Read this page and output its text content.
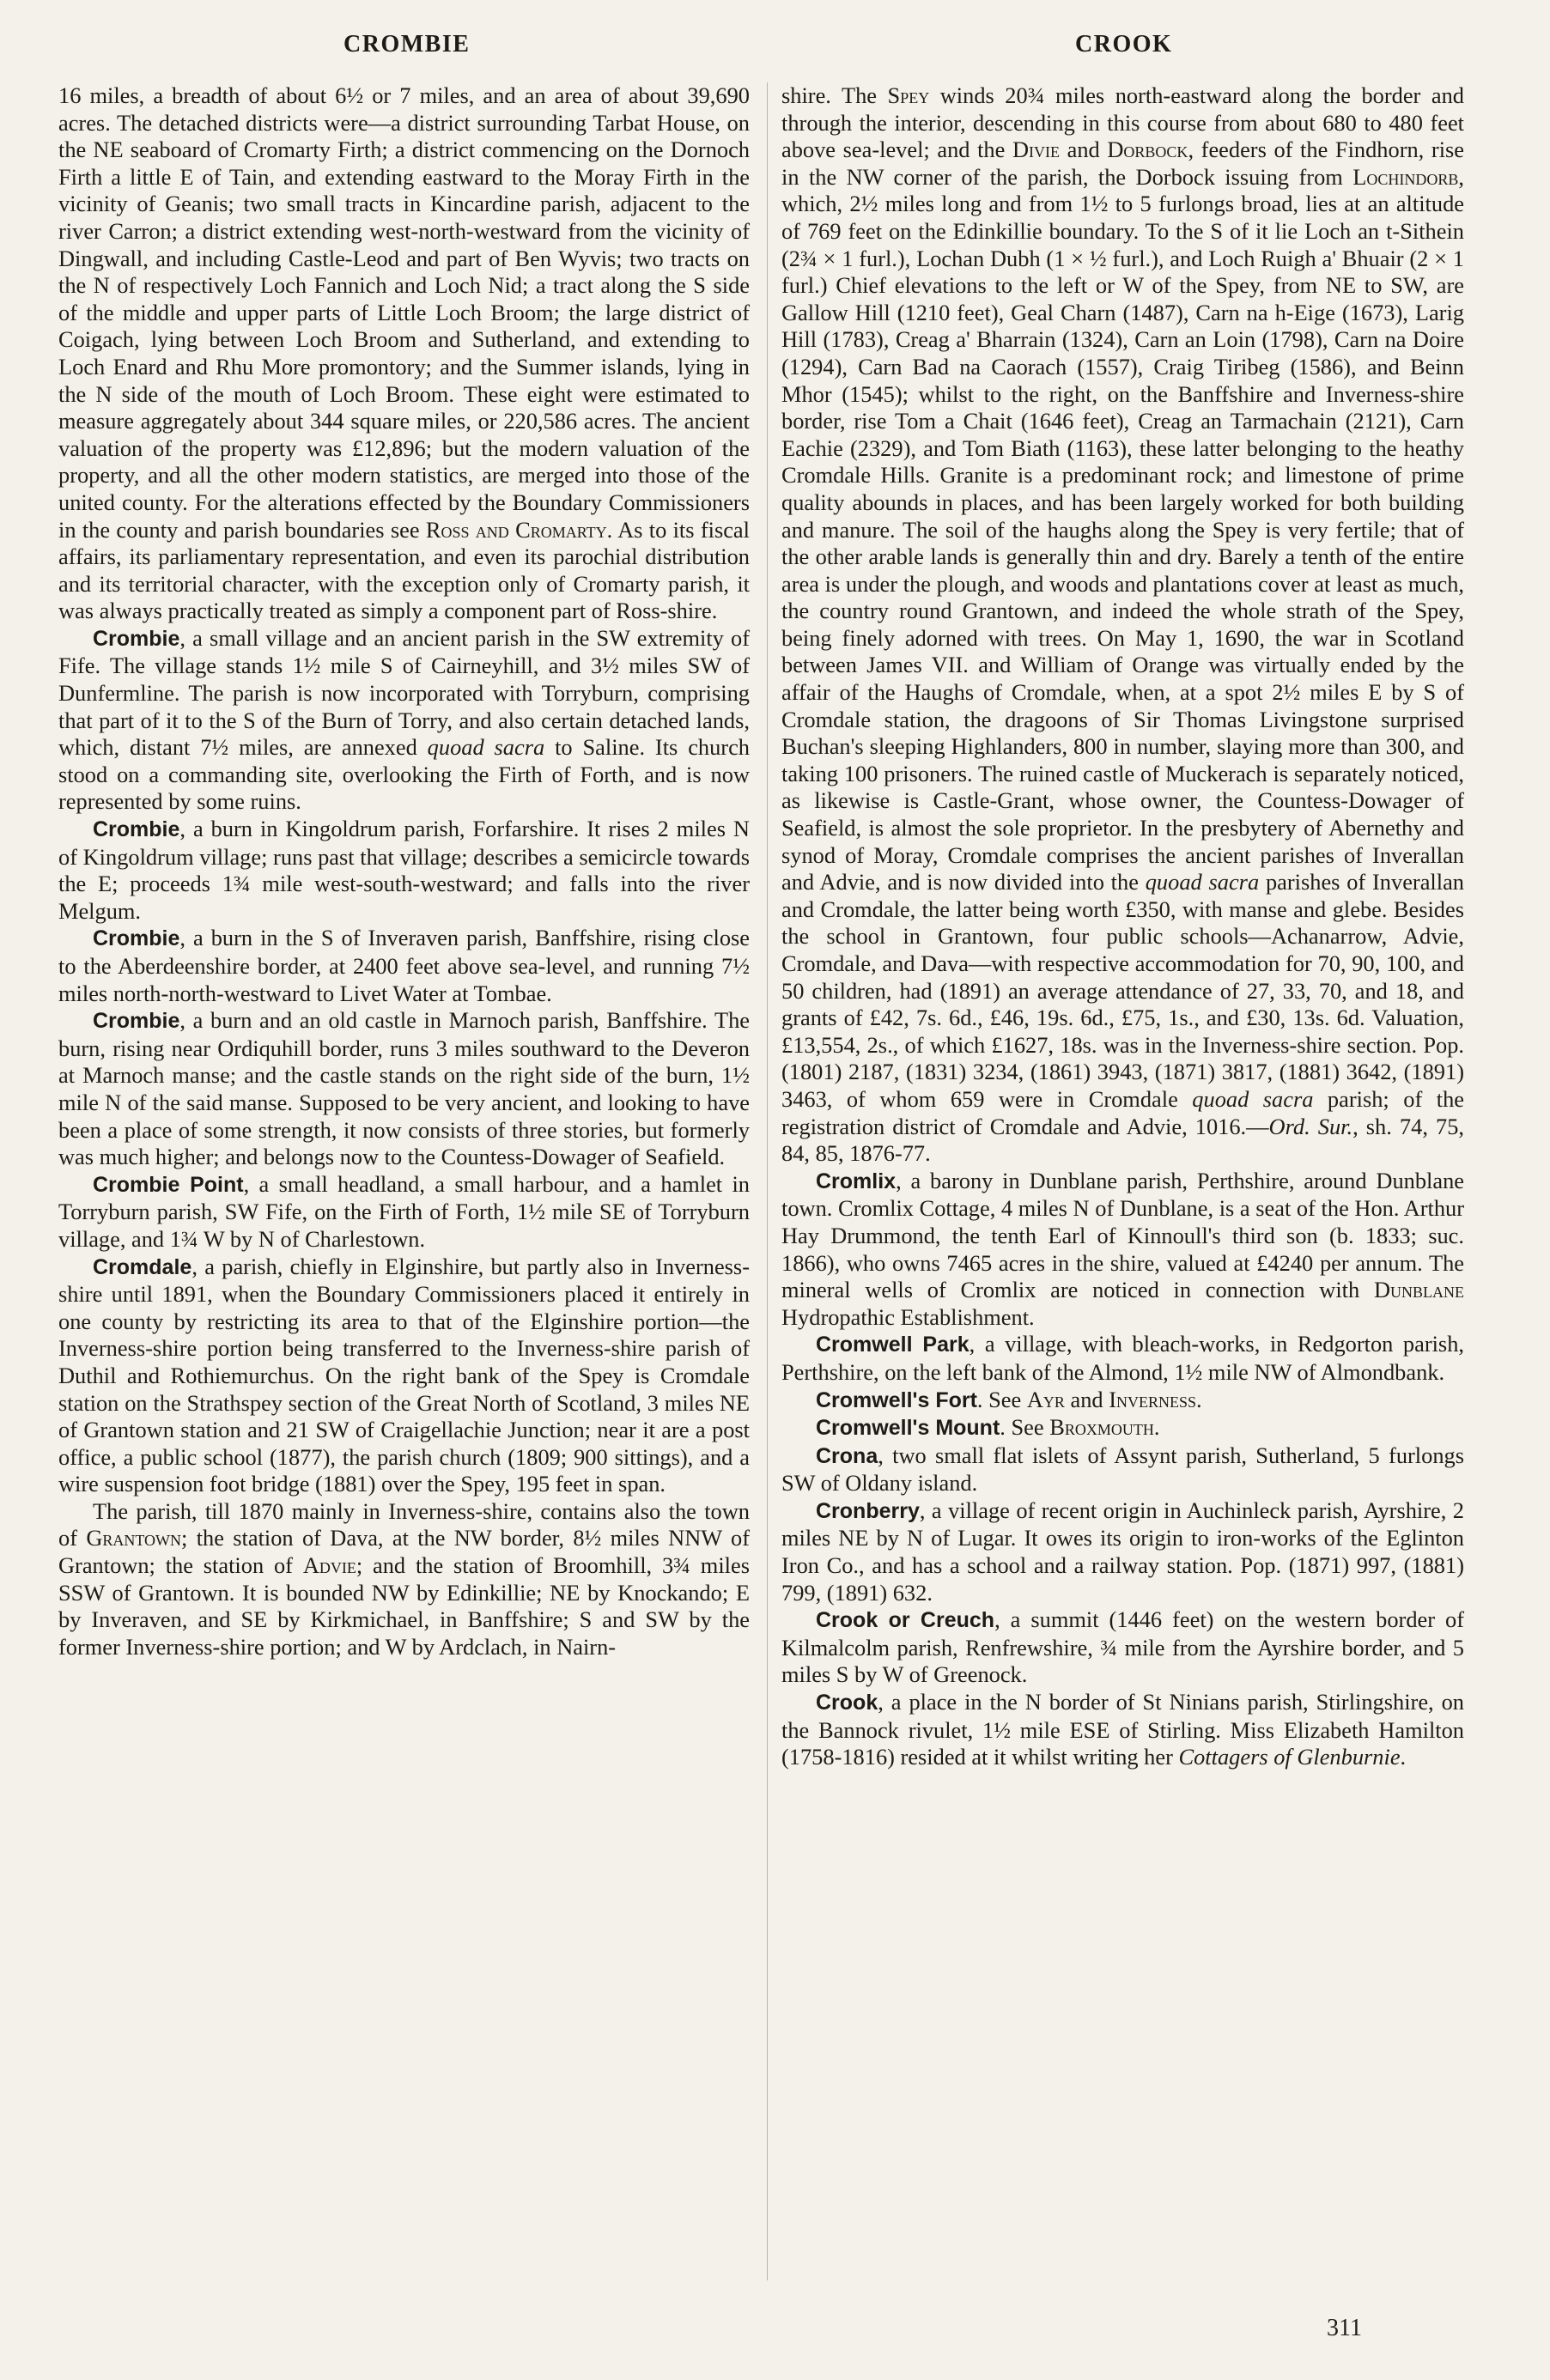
CROMBIE	CROOK

16 miles, a breadth of about 6½ or 7 miles, and an area of about 39,690 acres. The detached districts were—a district surrounding Tarbat House, on the NE seaboard of Cromarty Firth; a district commencing on the Dornoch Firth a little E of Tain, and extending eastward to the Moray Firth in the vicinity of Geanis; two small tracts in Kincardine parish, adjacent to the river Carron; a district extending west-north-westward from the vicinity of Dingwall, and including Castle-Leod and part of Ben Wyvis; two tracts on the N of respectively Loch Fannich and Loch Nid; a tract along the S side of the middle and upper parts of Little Loch Broom; the large district of Coigach, lying between Loch Broom and Sutherland, and extending to Loch Enard and Rhu More promontory; and the Summer islands, lying in the N side of the mouth of Loch Broom. These eight were estimated to measure aggregately about 344 square miles, or 220,586 acres. The ancient valuation of the property was £12,896; but the modern valuation of the property, and all the other modern statistics, are merged into those of the united county. For the alterations effected by the Boundary Commissioners in the county and parish boundaries see Ross and Cromarty. As to its fiscal affairs, its parliamentary representation, and even its parochial distribution and its territorial character, with the exception only of Cromarty parish, it was always practically treated as simply a component part of Ross-shire.

Crombie, a small village and an ancient parish in the SW extremity of Fife. The village stands 1½ mile S of Cairneyhill, and 3½ miles SW of Dunfermline. The parish is now incorporated with Torryburn, comprising that part of it to the S of the Burn of Torry, and also certain detached lands, which, distant 7½ miles, are annexed quoad sacra to Saline. Its church stood on a commanding site, overlooking the Firth of Forth, and is now represented by some ruins.

Crombie, a burn in Kingoldrum parish, Forfarshire. It rises 2 miles N of Kingoldrum village; runs past that village; describes a semicircle towards the E; proceeds 1¾ mile west-south-westward; and falls into the river Melgum.

Crombie, a burn in the S of Inveraven parish, Banffshire, rising close to the Aberdeenshire border, at 2400 feet above sea-level, and running 7½ miles north-north-westward to Livet Water at Tombae.

Crombie, a burn and an old castle in Marnoch parish, Banffshire. The burn, rising near Ordiquhill border, runs 3 miles southward to the Deveron at Marnoch manse; and the castle stands on the right side of the burn, 1½ mile N of the said manse. Supposed to be very ancient, and looking to have been a place of some strength, it now consists of three stories, but formerly was much higher; and belongs now to the Countess-Dowager of Seafield.

Crombie Point, a small headland, a small harbour, and a hamlet in Torryburn parish, SW Fife, on the Firth of Forth, 1½ mile SE of Torryburn village, and 1¾ W by N of Charlestown.

Cromdale, a parish, chiefly in Elginshire, but partly also in Inverness-shire until 1891, when the Boundary Commissioners placed it entirely in one county by restricting its area to that of the Elginshire portion—the Inverness-shire portion being transferred to the Inverness-shire parish of Duthil and Rothiemurchus. On the right bank of the Spey is Cromdale station on the Strathspey section of the Great North of Scotland, 3 miles NE of Grantown station and 21 SW of Craigellachie Junction; near it are a post office, a public school (1877), the parish church (1809; 900 sittings), and a wire suspension foot bridge (1881) over the Spey, 195 feet in span.

The parish, till 1870 mainly in Inverness-shire, contains also the town of Grantown; the station of Dava, at the NW border, 8½ miles NNW of Grantown; the station of Advie; and the station of Broomhill, 3¾ miles SSW of Grantown. It is bounded NW by Edinkillie; NE by Knockando; E by Inveraven, and SE by Kirkmichael, in Banffshire; S and SW by the former Inverness-shire portion; and W by Ardclach, in Nairn-

shire. The Spey winds 20¾ miles north-eastward along the border and through the interior, descending in this course from about 680 to 480 feet above sea-level; and the Divie and Dorbock, feeders of the Findhorn, rise in the NW corner of the parish, the Dorbock issuing from Lochindorb, which, 2½ miles long and from 1½ to 5 furlongs broad, lies at an altitude of 769 feet on the Edinkillie boundary. To the S of it lie Loch an t-Sithein (2¾ × 1 furl.), Lochan Dubh (1 × ½ furl.), and Loch Ruigh a' Bhuair (2 × 1 furl.) Chief elevations to the left or W of the Spey, from NE to SW, are Gallow Hill (1210 feet), Geal Charn (1487), Carn na h-Eige (1673), Larig Hill (1783), Creag a' Bharrain (1324), Carn an Loin (1798), Carn na Doire (1294), Carn Bad na Caorach (1557), Craig Tiribeg (1586), and Beinn Mhor (1545); whilst to the right, on the Banffshire and Inverness-shire border, rise Tom a Chait (1646 feet), Creag an Tarmachain (2121), Carn Eachie (2329), and Tom Biath (1163), these latter belonging to the heathy Cromdale Hills. Granite is a predominant rock; and limestone of prime quality abounds in places, and has been largely worked for both building and manure. The soil of the haughs along the Spey is very fertile; that of the other arable lands is generally thin and dry. Barely a tenth of the entire area is under the plough, and woods and plantations cover at least as much, the country round Grantown, and indeed the whole strath of the Spey, being finely adorned with trees. On May 1, 1690, the war in Scotland between James VII. and William of Orange was virtually ended by the affair of the Haughs of Cromdale, when, at a spot 2½ miles E by S of Cromdale station, the dragoons of Sir Thomas Livingstone surprised Buchan's sleeping Highlanders, 800 in number, slaying more than 300, and taking 100 prisoners. The ruined castle of Muckerach is separately noticed, as likewise is Castle-Grant, whose owner, the Countess-Dowager of Seafield, is almost the sole proprietor. In the presbytery of Abernethy and synod of Moray, Cromdale comprises the ancient parishes of Inverallan and Advie, and is now divided into the quoad sacra parishes of Inverallan and Cromdale, the latter being worth £350, with manse and glebe. Besides the school in Grantown, four public schools—Achanarrow, Advie, Cromdale, and Dava—with respective accommodation for 70, 90, 100, and 50 children, had (1891) an average attendance of 27, 33, 70, and 18, and grants of £42, 7s. 6d., £46, 19s. 6d., £75, 1s., and £30, 13s. 6d. Valuation, £13,554, 2s., of which £1627, 18s. was in the Inverness-shire section. Pop. (1801) 2187, (1831) 3234, (1861) 3943, (1871) 3817, (1881) 3642, (1891) 3463, of whom 659 were in Cromdale quoad sacra parish; of the registration district of Cromdale and Advie, 1016.—Ord. Sur., sh. 74, 75, 84, 85, 1876-77.

Cromlix, a barony in Dunblane parish, Perthshire, around Dunblane town. Cromlix Cottage, 4 miles N of Dunblane, is a seat of the Hon. Arthur Hay Drummond, the tenth Earl of Kinnoull's third son (b. 1833; suc. 1866), who owns 7465 acres in the shire, valued at £4240 per annum. The mineral wells of Cromlix are noticed in connection with Dunblane Hydropathic Establishment.

Cromwell Park, a village, with bleach-works, in Redgorton parish, Perthshire, on the left bank of the Almond, 1½ mile NW of Almondbank.

Cromwell's Fort. See Ayr and Inverness.

Cromwell's Mount. See Broxmouth.

Crona, two small flat islets of Assynt parish, Sutherland, 5 furlongs SW of Oldany island.

Cronberry, a village of recent origin in Auchinleck parish, Ayrshire, 2 miles NE by N of Lugar. It owes its origin to iron-works of the Eglinton Iron Co., and has a school and a railway station. Pop. (1871) 997, (1881) 799, (1891) 632.

Crook or Creuch, a summit (1446 feet) on the western border of Kilmalcolm parish, Renfrewshire, ¾ mile from the Ayrshire border, and 5 miles S by W of Greenock.

Crook, a place in the N border of St Ninians parish, Stirlingshire, on the Bannock rivulet, 1½ mile ESE of Stirling. Miss Elizabeth Hamilton (1758-1816) resided at it whilst writing her Cottagers of Glenburnie.

311
